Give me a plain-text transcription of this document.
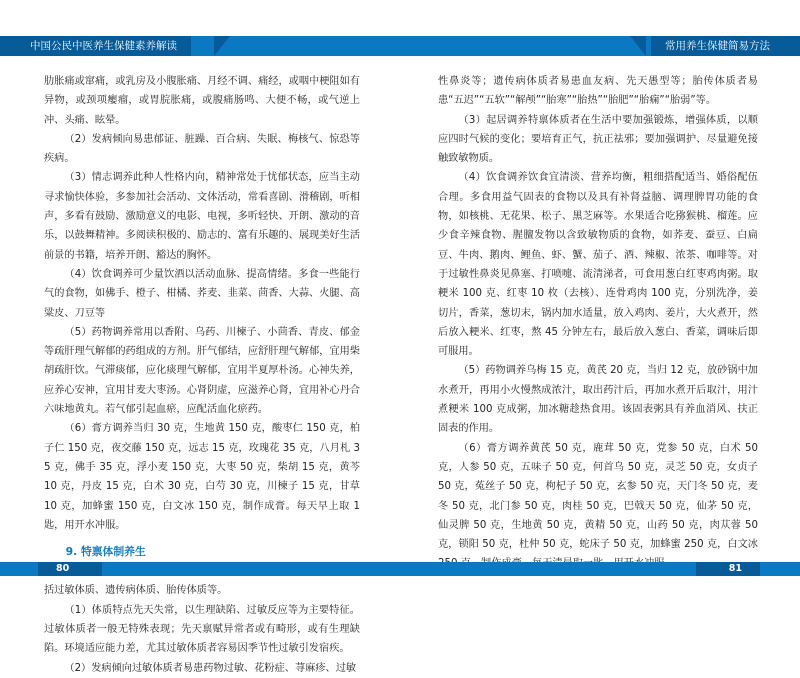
中国公民中医养生保健素养解读

肋胀痛或窜痛，或乳房及小腹胀痛、月经不调、痛经，或咽中梗阻如有异物，或颈项瘿瘤，或胃脘胀痛，或腹痛肠鸣、大便不畅，或气逆上冲、头痛、眩晕。

（2）发病倾向易患郁证、脏躁、百合病、失眠、梅核气、惊恐等疾病。

（3）情志调养此种人性格内向，精神常处于忧郁状态，应当主动寻求愉快体验，多参加社会活动、文体活动，常看喜剧、滑稽剧，听相声，多看有鼓励、激励意义的电影、电视，多听轻快、开朗、激动的音乐，以鼓舞精神。多阅读积极的、励志的、富有乐趣的、展现美好生活前景的书籍，培养开朗、豁达的胸怀。

（4）饮食调养可少量饮酒以活动血脉、提高情绪。多食一些能行气的食物，如佛手、橙子、柑橘、荞麦、韭菜、茴香、大蒜、火腿、高粱皮、刀豆等

（5）药物调养常用以香附、乌药、川楝子、小茴香、青皮、郁金等疏肝理气解郁的药组成的方剂。肝气郁结，应舒肝理气解郁，宜用柴胡疏肝饮。气滞痰郁，应化痰理气解郁，宜用半夏厚朴汤。心神失养，应养心安神，宜用甘麦大枣汤。心肾阴虚，应滋养心肾，宜用补心丹合六味地黄丸。若气郁引起血瘀，应配活血化瘀药。

（6）膏方调养当归 30 克，生地黄 150 克，酸枣仁 150 克，柏子仁 150 克，夜交藤 150 克，远志 15 克，玫瑰花 35 克，八月札 35 克，佛手 35 克，浮小麦 150 克，大枣 50 克，柴胡 15 克，黄芩 10 克，丹皮 15 克，白术 30 克，白芍 30 克，川楝子 15 克，甘草 10 克，加蜂蜜 150 克，白文冰 150 克，制作成膏。每天早上取 1 匙，用开水冲服。

9. 特禀体制养生

括过敏体质、遗传病体质、胎传体质等。

（1）体质特点先天失常，以生理缺陷、过敏反应等为主要特征。过敏体质者一般无特殊表现；先天禀赋异常者或有畸形，或有生理缺陷。环境适应能力差，尤其过敏体质者容易因季节性过敏引发宿疾。

（2）发病倾向过敏体质者易患药物过敏、花粉症、荨麻疹、过敏

80
常用养生保健简易方法

性鼻炎等；遗传病体质者易患血友病、先天愚型等；胎传体质者易患“五迟”“五软”“解颅”“胎寒”“胎热”“胎肥”“胎痫”“胎弱”等。

（3）起居调养特禀体质者在生活中要加强锻炼，增强体质，以顺应四时气候的变化；要培育正气，抗正祛邪；要加强调护、尽量避免接触致敏物质。

（4）饮食调养饮食宜清淡、营养均衡，粗细搭配适当、婚俗配伍合理。多食用益气固表的食物以及具有补肾益脑、调理脾胃功能的食物，如核桃、无花果、松子、黑芝麻等。水果适合吃猕猴桃、榴莲。应少食辛辣食物、腥膻发物以含致敏物质的食物，如荞麦、蚕豆、白扁豆、牛肉、鹅肉、鲤鱼、虾、蟹、茄子、酒、辣椒、浓茶、咖啡等。对于过敏性鼻炎见鼻塞、打喷嚏、流清涕者，可食用葱白红枣鸡肉粥。取粳米 100 克、红枣 10 枚（去核）、连骨鸡肉 100 克，分别洗净，姜切片，香菜，葱切末，锅内加水适量，放入鸡肉、姜片，大火煮开，然后放入粳米、红枣，熬 45 分钟左右，最后放入葱白、香菜，调味后即可服用。

（5）药物调养乌梅 15 克，黄芪 20 克，当归 12 克，放砂锅中加水煮开，再用小火慢熬成浓汁，取出药汁后，再加水煮开后取汁，用汁煮粳米 100 克成粥，加冰糖趁热食用。该固表粥具有养血消风、扶正固表的作用。

（6）膏方调养黄芪 50 克，鹿茸 50 克，党参 50 克，白术 50 克，人参 50 克，五味子 50 克，何首乌 50 克，灵芝 50 克，女贞子 50 克，菟丝子 50 克，枸杞子 50 克，玄参 50 克，天门冬 50 克，麦冬 50 克，北门参 50 克，肉桂 50 克，巴戟天 50 克，仙茅 50 克，仙灵脾 50 克，生地黄 50 克，黄精 50 克，山药 50 克，肉苁蓉 50 克，锁阳 50 克，杜仲 50 克，蛇床子 50 克，加蜂蜜 250 克，白文冰

81
